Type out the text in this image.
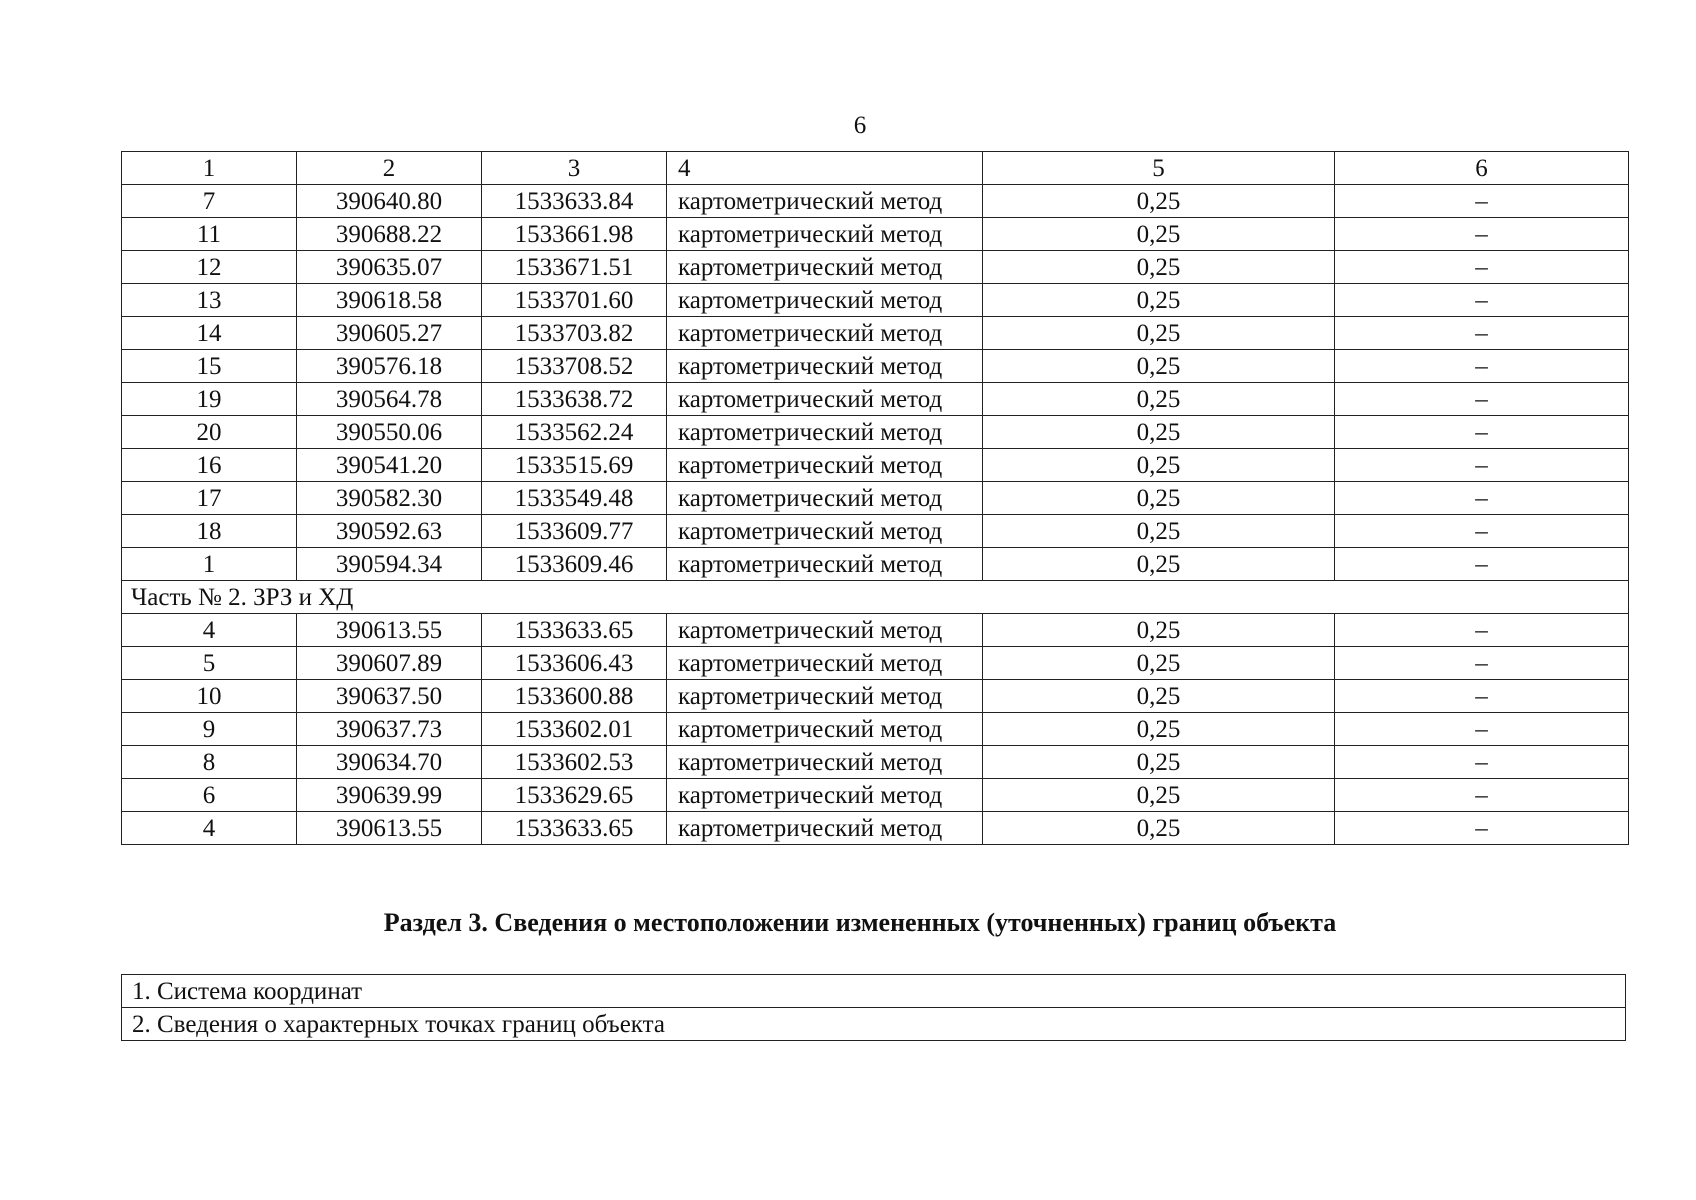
6
1	2	3	4	5	6
7	390640.80	1533633.84	картометрический метод	0,25	–
11	390688.22	1533661.98	картометрический метод	0,25	–
12	390635.07	1533671.51	картометрический метод	0,25	–
13	390618.58	1533701.60	картометрический метод	0,25	–
14	390605.27	1533703.82	картометрический метод	0,25	–
15	390576.18	1533708.52	картометрический метод	0,25	–
19	390564.78	1533638.72	картометрический метод	0,25	–
20	390550.06	1533562.24	картометрический метод	0,25	–
16	390541.20	1533515.69	картометрический метод	0,25	–
17	390582.30	1533549.48	картометрический метод	0,25	–
18	390592.63	1533609.77	картометрический метод	0,25	–
1	390594.34	1533609.46	картометрический метод	0,25	–
Часть № 2. ЗРЗ и ХД					
4	390613.55	1533633.65	картометрический метод	0,25	–
5	390607.89	1533606.43	картометрический метод	0,25	–
10	390637.50	1533600.88	картометрический метод	0,25	–
9	390637.73	1533602.01	картометрический метод	0,25	–
8	390634.70	1533602.53	картометрический метод	0,25	–
6	390639.99	1533629.65	картометрический метод	0,25	–
4	390613.55	1533633.65	картометрический метод	0,25	–
Раздел 3. Сведения о местоположении измененных (уточненных) границ объекта
1. Система координат
2. Сведения о характерных точках границ объекта
